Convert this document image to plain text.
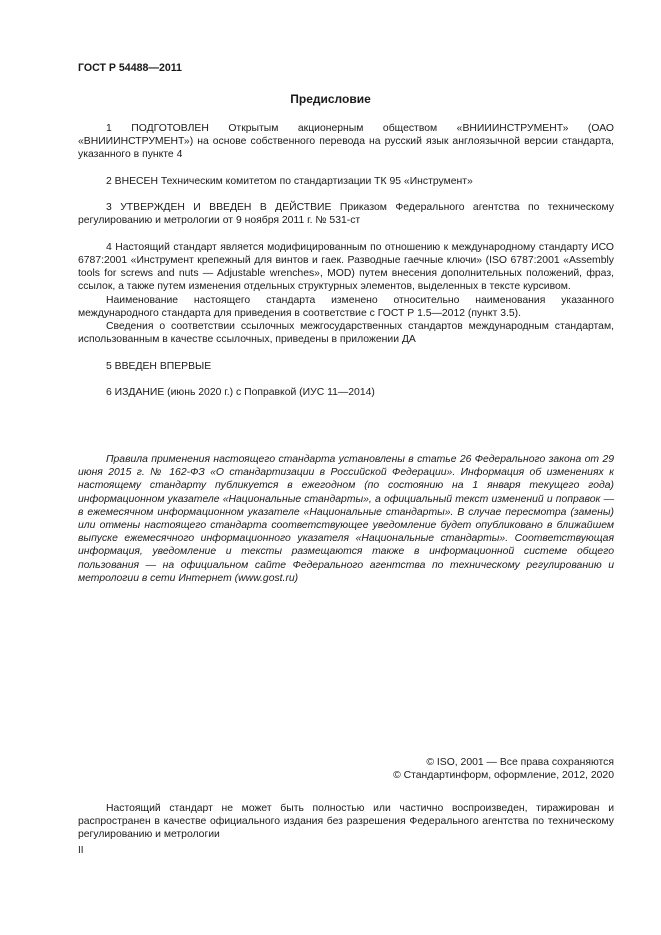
ГОСТ Р 54488—2011
Предисловие

1 ПОДГОТОВЛЕН Открытым акционерным обществом «ВНИИИНСТРУМЕНТ» (ОАО «ВНИИИНСТРУМЕНТ») на основе собственного перевода на русский язык англоязычной версии стандарта, указанного в пункте 4

2 ВНЕСЕН Техническим комитетом по стандартизации ТК 95 «Инструмент»

3 УТВЕРЖДЕН И ВВЕДЕН В ДЕЙСТВИЕ Приказом Федерального агентства по техническому регулированию и метрологии от 9 ноября 2011 г. № 531-ст

4 Настоящий стандарт является модифицированным по отношению к международному стандарту ИСО 6787:2001 «Инструмент крепежный для винтов и гаек. Разводные гаечные ключи» (ISO 6787:2001 «Assembly tools for screws and nuts — Adjustable wrenches», MOD) путем внесения дополнительных положений, фраз, ссылок, а также путем изменения отдельных структурных элементов, выделенных в тексте курсивом.

Наименование настоящего стандарта изменено относительно наименования указанного международного стандарта для приведения в соответствие с ГОСТ Р 1.5—2012 (пункт 3.5).

Сведения о соответствии ссылочных межгосударственных стандартов международным стандартам, использованным в качестве ссылочных, приведены в приложении ДА

5 ВВЕДЕН ВПЕРВЫЕ

6 ИЗДАНИЕ (июнь 2020 г.) с Поправкой (ИУС 11—2014)

Правила применения настоящего стандарта установлены в статье 26 Федерального закона от 29 июня 2015 г. № 162-ФЗ «О стандартизации в Российской Федерации». Информация об изменениях к настоящему стандарту публикуется в ежегодном (по состоянию на 1 января текущего года) информационном указателе «Национальные стандарты», а официальный текст изменений и поправок — в ежемесячном информационном указателе «Национальные стандарты». В случае пересмотра (замены) или отмены настоящего стандарта соответствующее уведомление будет опубликовано в ближайшем выпуске ежемесячного информационного указателя «Национальные стандарты». Соответствующая информация, уведомление и тексты размещаются также в информационной системе общего пользования — на официальном сайте Федерального агентства по техническому регулированию и метрологии в сети Интернет (www.gost.ru)

© ISO, 2001 — Все права сохраняются
© Стандартинформ, оформление, 2012, 2020

Настоящий стандарт не может быть полностью или частично воспроизведен, тиражирован и распространен в качестве официального издания без разрешения Федерального агентства по техническому регулированию и метрологии

II
